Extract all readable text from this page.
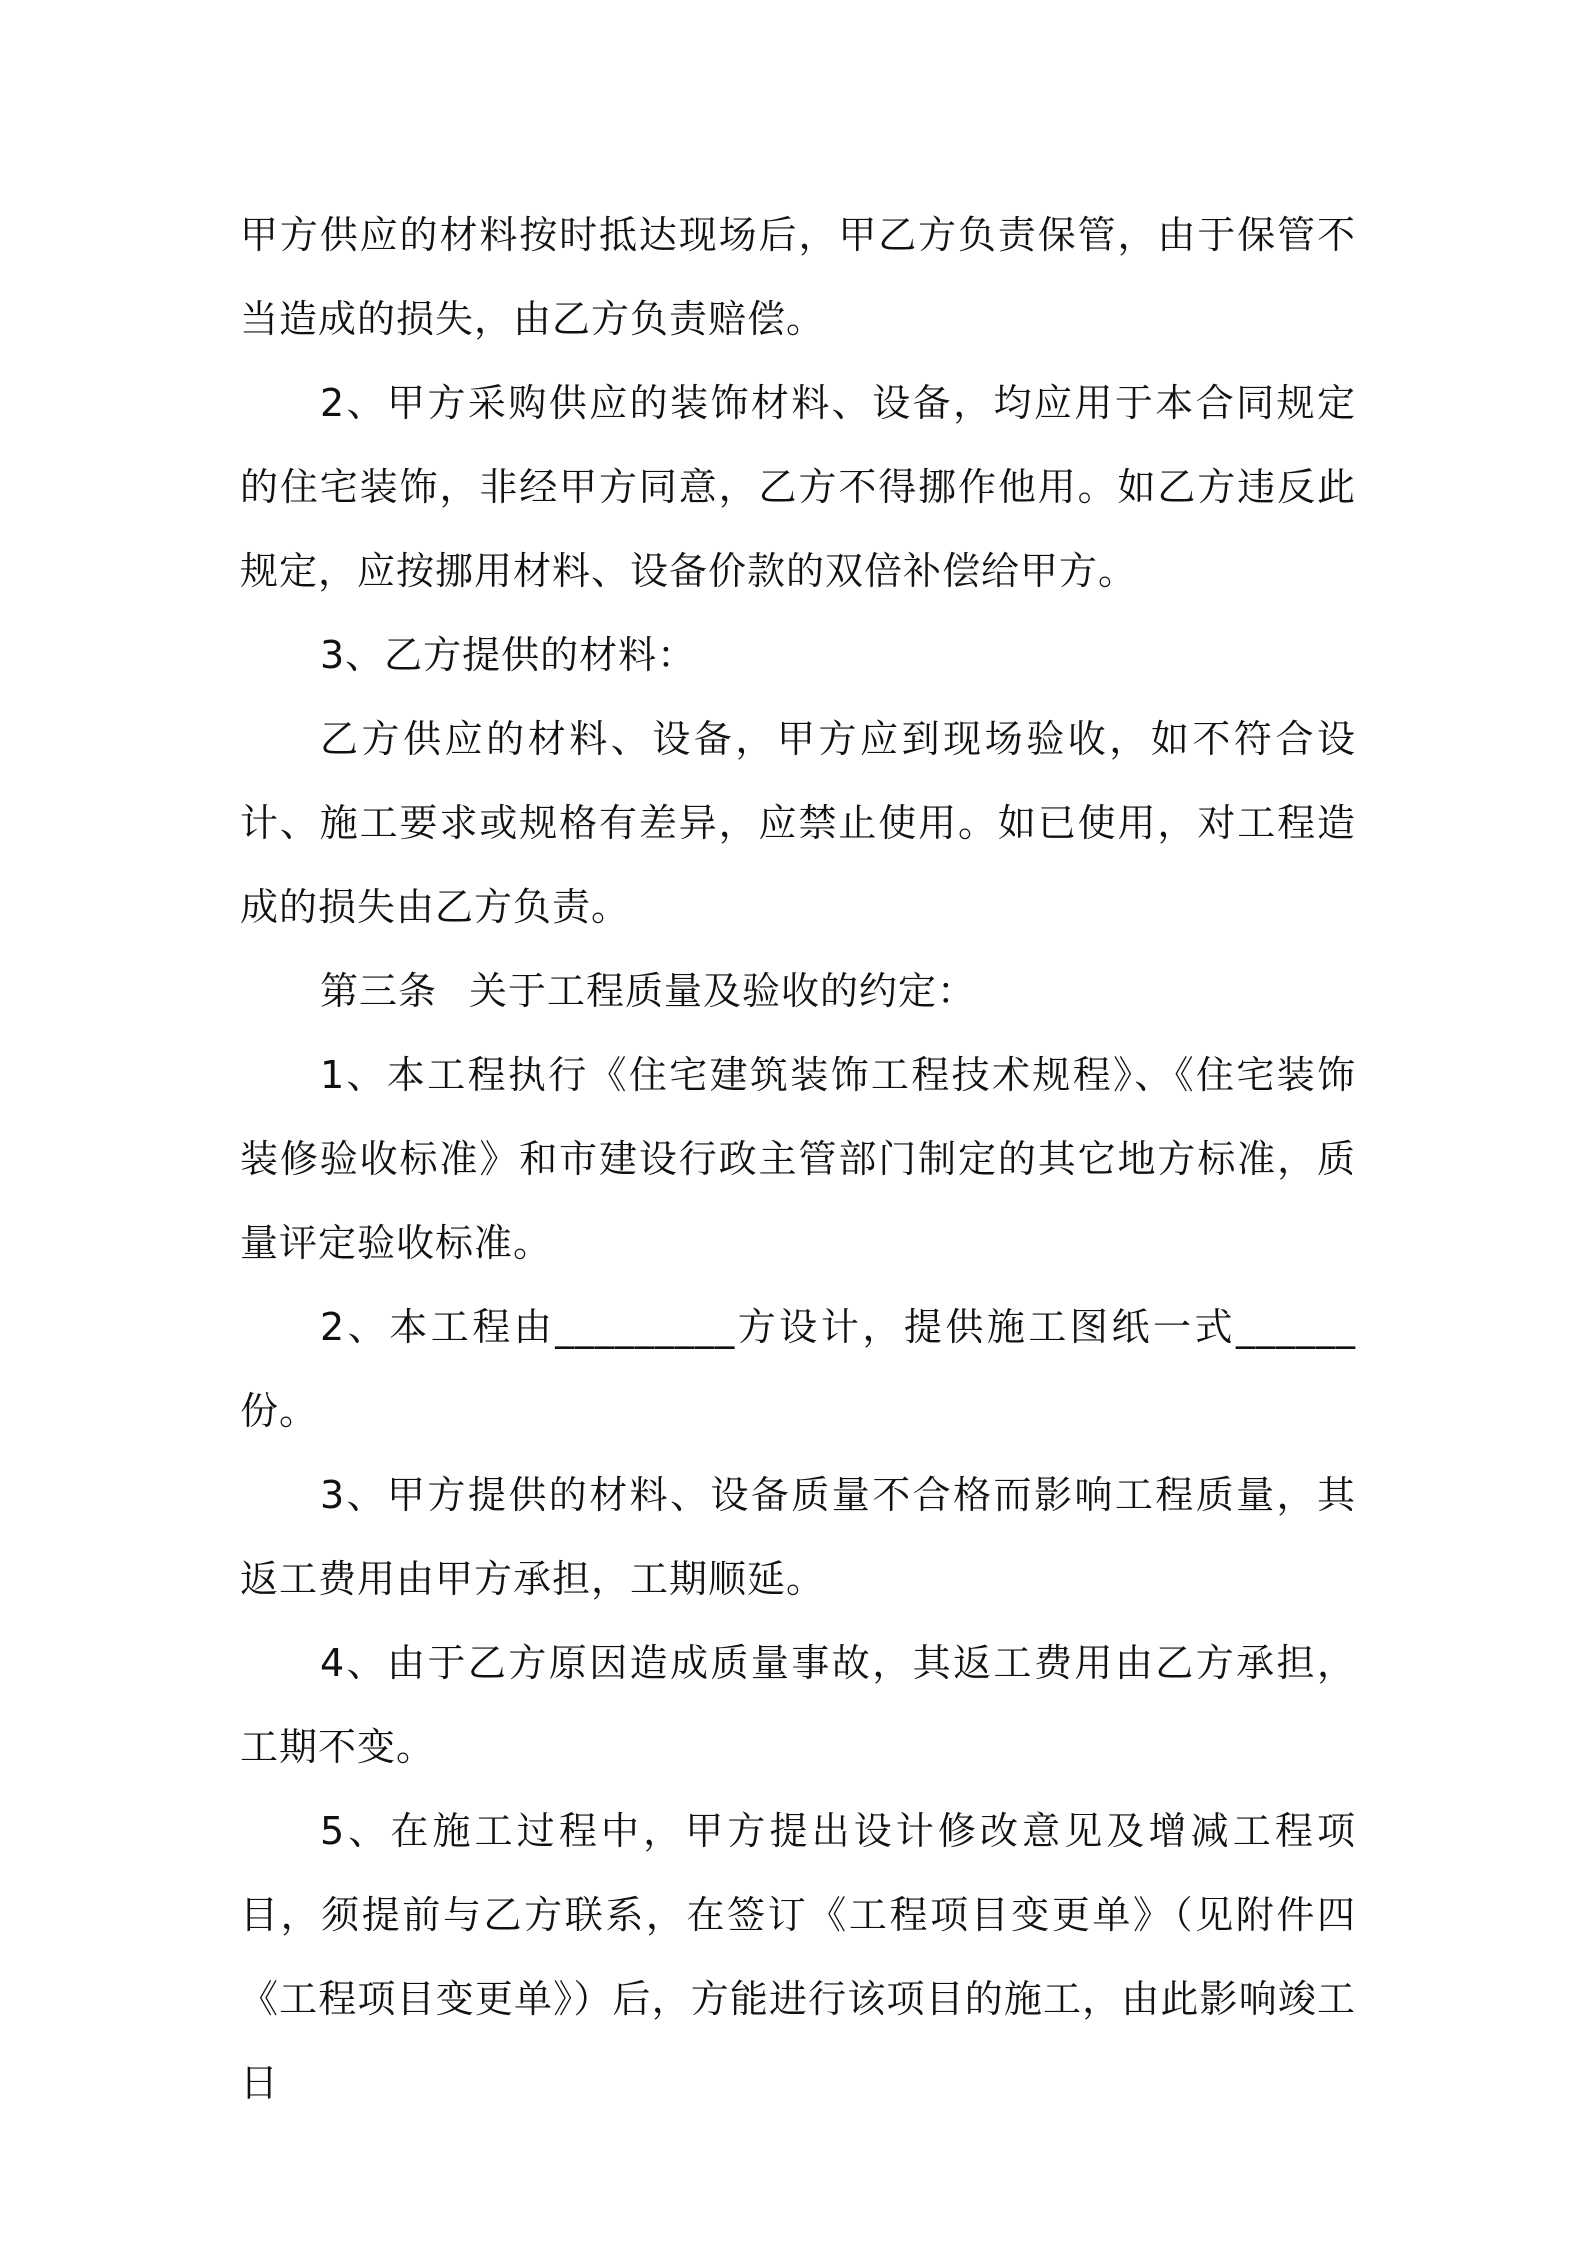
甲方供应的材料按时抵达现场后，甲乙方负责保管，由于保管不当造成的损失，由乙方负责赔偿。

2、甲方采购供应的装饰材料、设备，均应用于本合同规定的住宅装饰，非经甲方同意，乙方不得挪作他用。如乙方违反此规定，应按挪用材料、设备价款的双倍补偿给甲方。

3、乙方提供的材料：

乙方供应的材料、设备，甲方应到现场验收，如不符合设计、施工要求或规格有差异，应禁止使用。如已使用，对工程造成的损失由乙方负责。

第三条 关于工程质量及验收的约定：

1、本工程执行《住宅建筑装饰工程技术规程》、《住宅装饰装修验收标准》和市建设行政主管部门制定的其它地方标准，质量评定验收标准。

2、本工程由_________方设计，提供施工图纸一式______份。

3、甲方提供的材料、设备质量不合格而影响工程质量，其返工费用由甲方承担，工期顺延。

4、由于乙方原因造成质量事故，其返工费用由乙方承担，工期不变。

5、在施工过程中，甲方提出设计修改意见及增减工程项目，须提前与乙方联系，在签订《工程项目变更单》（见附件四《工程项目变更单》）后，方能进行该项目的施工，由此影响竣工日
